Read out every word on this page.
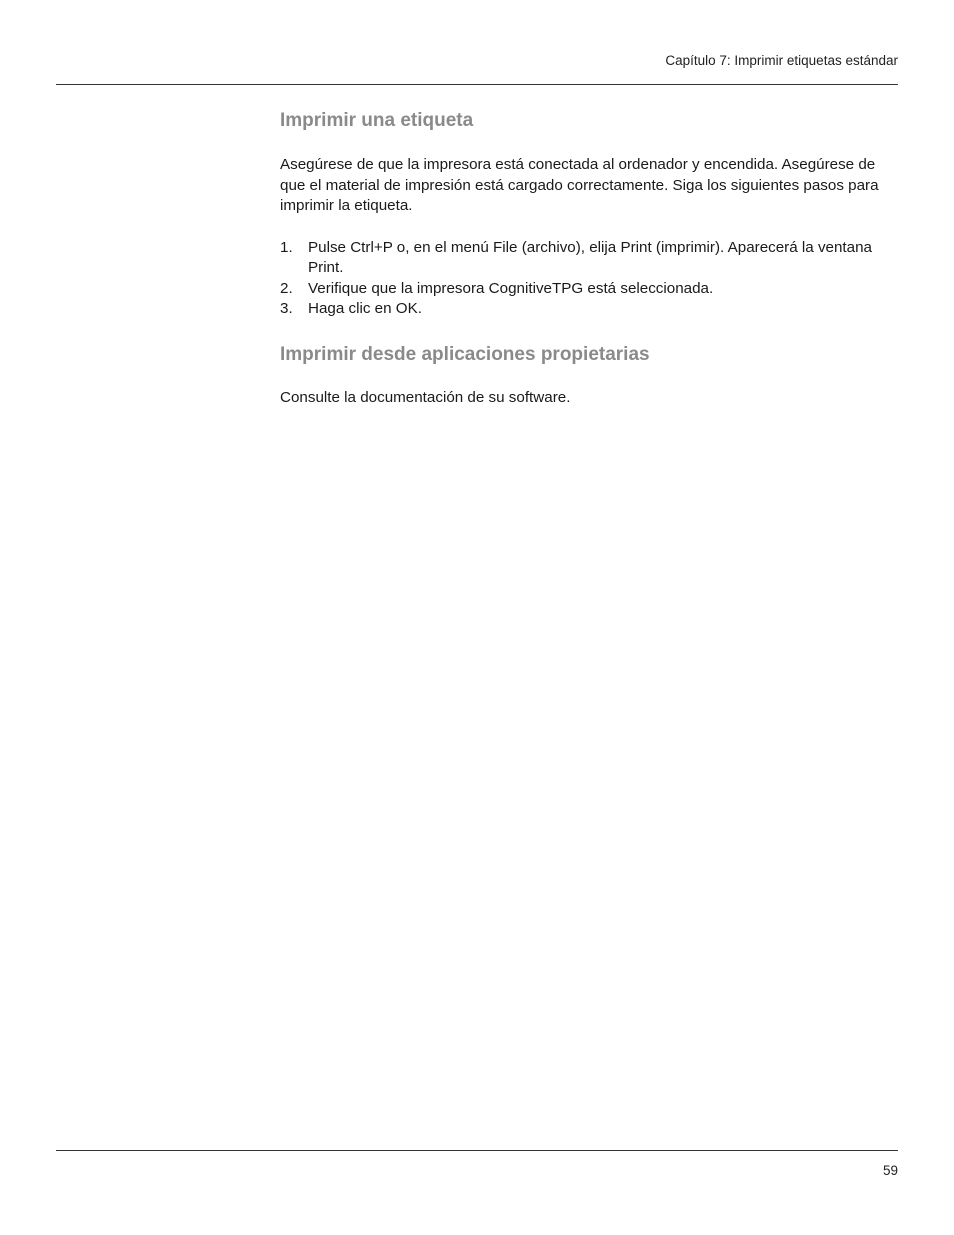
Capítulo 7: Imprimir etiquetas estándar
Imprimir una etiqueta

Asegúrese de que la impresora está conectada al ordenador y encendida. Asegúrese de que el material de impresión está cargado correctamente. Siga los siguientes pasos para imprimir la etiqueta.

1. Pulse Ctrl+P o, en el menú File (archivo), elija Print (imprimir). Aparecerá la ventana Print.
2. Verifique que la impresora CognitiveTPG está seleccionada.
3. Haga clic en OK.
Imprimir desde aplicaciones propietarias

Consulte la documentación de su software.

59
